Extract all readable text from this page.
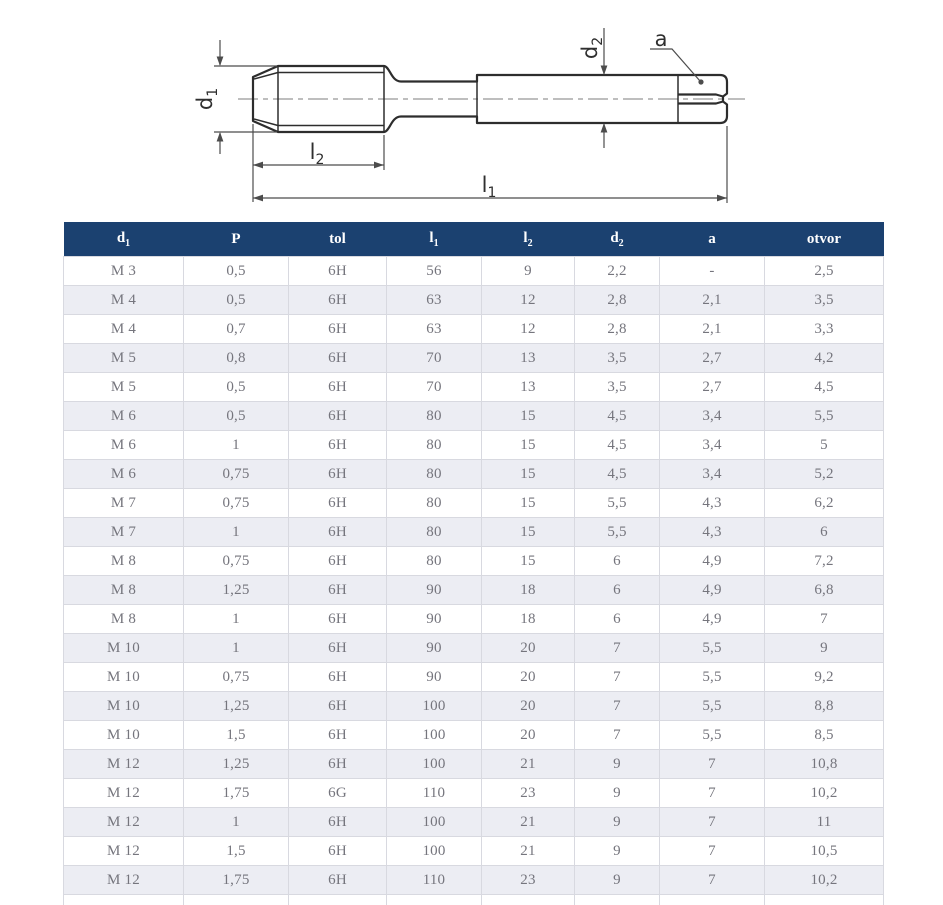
$d_1$
$l_2$
$l_1$
$d_2$ a
$d_1$	P	tol	$l_1$	$l_2$	$d_2$	a	otvor
M 3	0,5	6H	56	9	2,2	-	2,5
M 4	0,5	6H	63	12	2,8	2,1	3,5
M 4	0,7	6H	63	12	2,8	2,1	3,3
M 5	0,8	6H	70	13	3,5	2,7	4,2
M 5	0,5	6H	70	13	3,5	2,7	4,5
M 6	0,5	6H	80	15	4,5	3,4	5,5
M 6	1	6H	80	15	4,5	3,4	5
M 6	0,75	6H	80	15	4,5	3,4	5,2
M 7	0,75	6H	80	15	5,5	4,3	6,2
M 7	1	6H	80	15	5,5	4,3	6
M 8	0,75	6H	80	15	6	4,9	7,2
M 8	1,25	6H	90	18	6	4,9	6,8
M 8	1	6H	90	18	6	4,9	7
M 10	1	6H	90	20	7	5,5	9
M 10	0,75	6H	90	20	7	5,5	9,2
M 10	1,25	6H	100	20	7	5,5	8,8
M 10	1,5	6H	100	20	7	5,5	8,5
M 12	1,25	6H	100	21	9	7	10,8
M 12	1,75	6G	110	23	9	7	10,2
M 12	1	6H	100	21	9	7	11
M 12	1,5	6H	100	21	9	7	10,5
M 12	1,75	6H	110	23	9	7	10,2
